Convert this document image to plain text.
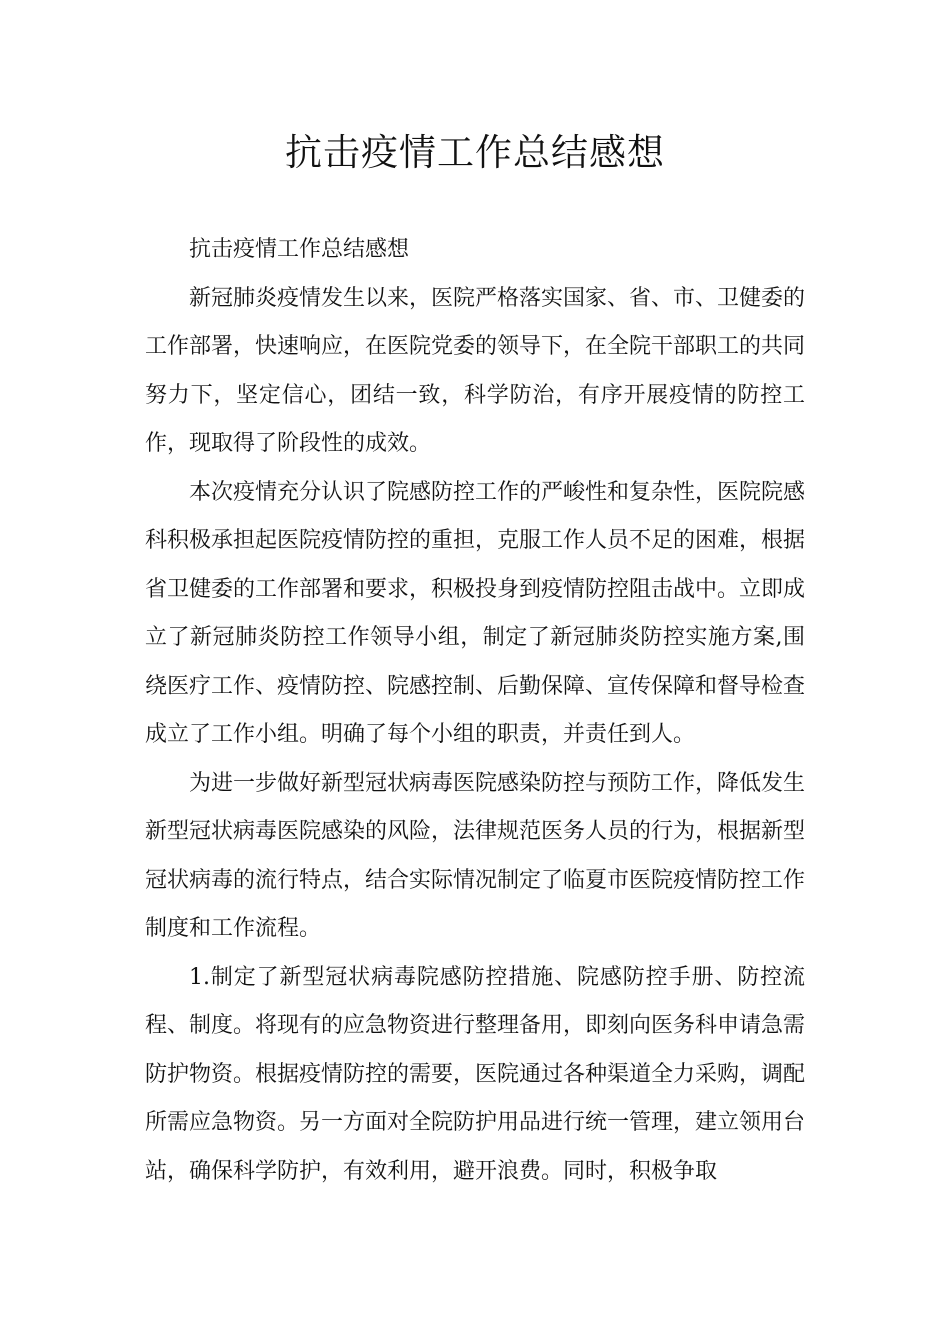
抗击疫情工作总结感想

抗击疫情工作总结感想

新冠肺炎疫情发生以来，医院严格落实国家、省、市、卫健委的工作部署，快速响应，在医院党委的领导下，在全院干部职工的共同努力下，坚定信心，团结一致，科学防治，有序开展疫情的防控工作，现取得了阶段性的成效。

本次疫情充分认识了院感防控工作的严峻性和复杂性，医院院感科积极承担起医院疫情防控的重担，克服工作人员不足的困难，根据省卫健委的工作部署和要求，积极投身到疫情防控阻击战中。立即成立了新冠肺炎防控工作领导小组，制定了新冠肺炎防控实施方案,围绕医疗工作、疫情防控、院感控制、后勤保障、宣传保障和督导检查成立了工作小组。明确了每个小组的职责，并责任到人。

为进一步做好新型冠状病毒医院感染防控与预防工作，降低发生新型冠状病毒医院感染的风险，法律规范医务人员的行为，根据新型冠状病毒的流行特点，结合实际情况制定了临夏市医院疫情防控工作制度和工作流程。

1.制定了新型冠状病毒院感防控措施、院感防控手册、防控流程、制度。将现有的应急物资进行整理备用，即刻向医务科申请急需防护物资。根据疫情防控的需要，医院通过各种渠道全力采购，调配所需应急物资。另一方面对全院防护用品进行统一管理，建立领用台站，确保科学防护，有效利用，避开浪费。同时，积极争取
